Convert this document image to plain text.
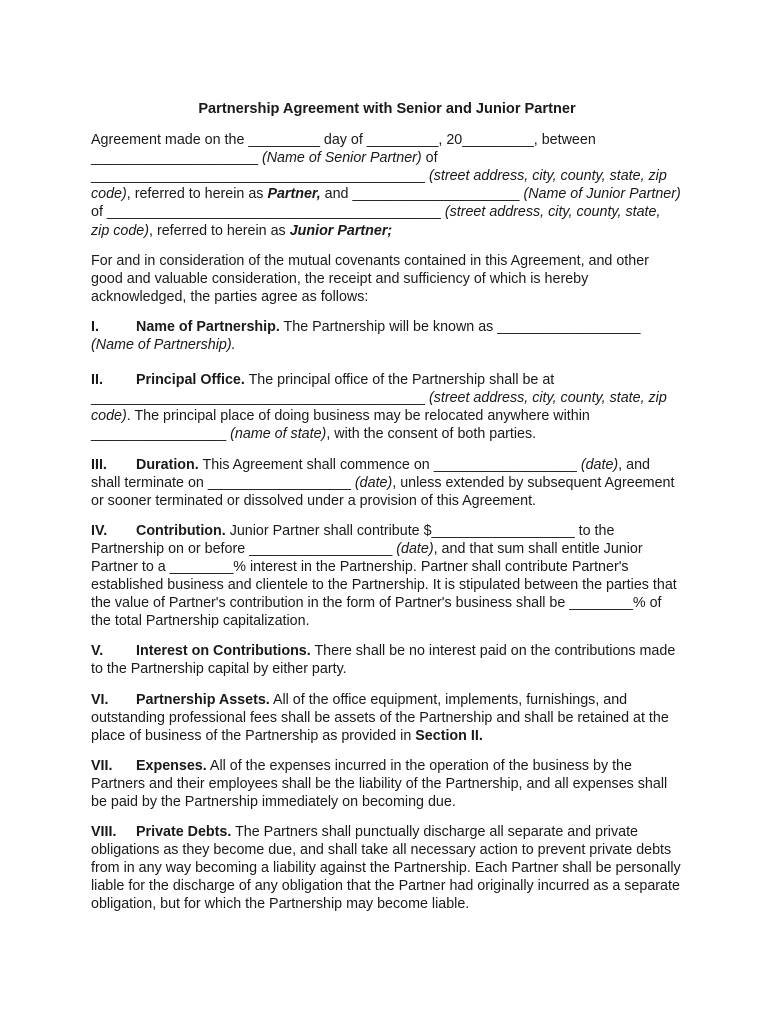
Partnership Agreement with Senior and Junior Partner

Agreement made on the _________ day of _________, 20_________, between _____________________ (Name of Senior Partner) of __________________________________________ (street address, city, county, state, zip code), referred to herein as Partner, and _____________________ (Name of Junior Partner) of __________________________________________ (street address, city, county, state, zip code), referred to herein as Junior Partner;

For and in consideration of the mutual covenants contained in this Agreement, and other good and valuable consideration, the receipt and sufficiency of which is hereby acknowledged, the parties agree as follows:

I.	Name of Partnership. The Partnership will be known as __________________ (Name of Partnership).

II. Principal Office. The principal office of the Partnership shall be at __________________________________________ (street address, city, county, state, zip code). The principal place of doing business may be relocated anywhere within _________________ (name of state), with the consent of both parties.

III. Duration. This Agreement shall commence on __________________ (date), and shall terminate on __________________ (date), unless extended by subsequent Agreement or sooner terminated or dissolved under a provision of this Agreement.

IV. Contribution. Junior Partner shall contribute $__________________ to the Partnership on or before __________________ (date), and that sum shall entitle Junior Partner to a ________% interest in the Partnership. Partner shall contribute Partner's established business and clientele to the Partnership. It is stipulated between the parties that the value of Partner's contribution in the form of Partner's business shall be ________% of the total Partnership capitalization.

V. Interest on Contributions. There shall be no interest paid on the contributions made to the Partnership capital by either party.

VI. Partnership Assets. All of the office equipment, implements, furnishings, and outstanding professional fees shall be assets of the Partnership and shall be retained at the place of business of the Partnership as provided in Section II.

VII. Expenses. All of the expenses incurred in the operation of the business by the Partners and their employees shall be the liability of the Partnership, and all expenses shall be paid by the Partnership immediately on becoming due.

VIII. Private Debts. The Partners shall punctually discharge all separate and private obligations as they become due, and shall take all necessary action to prevent private debts from in any way becoming a liability against the Partnership. Each Partner shall be personally liable for the discharge of any obligation that the Partner had originally incurred as a separate obligation, but for which the Partnership may become liable.
